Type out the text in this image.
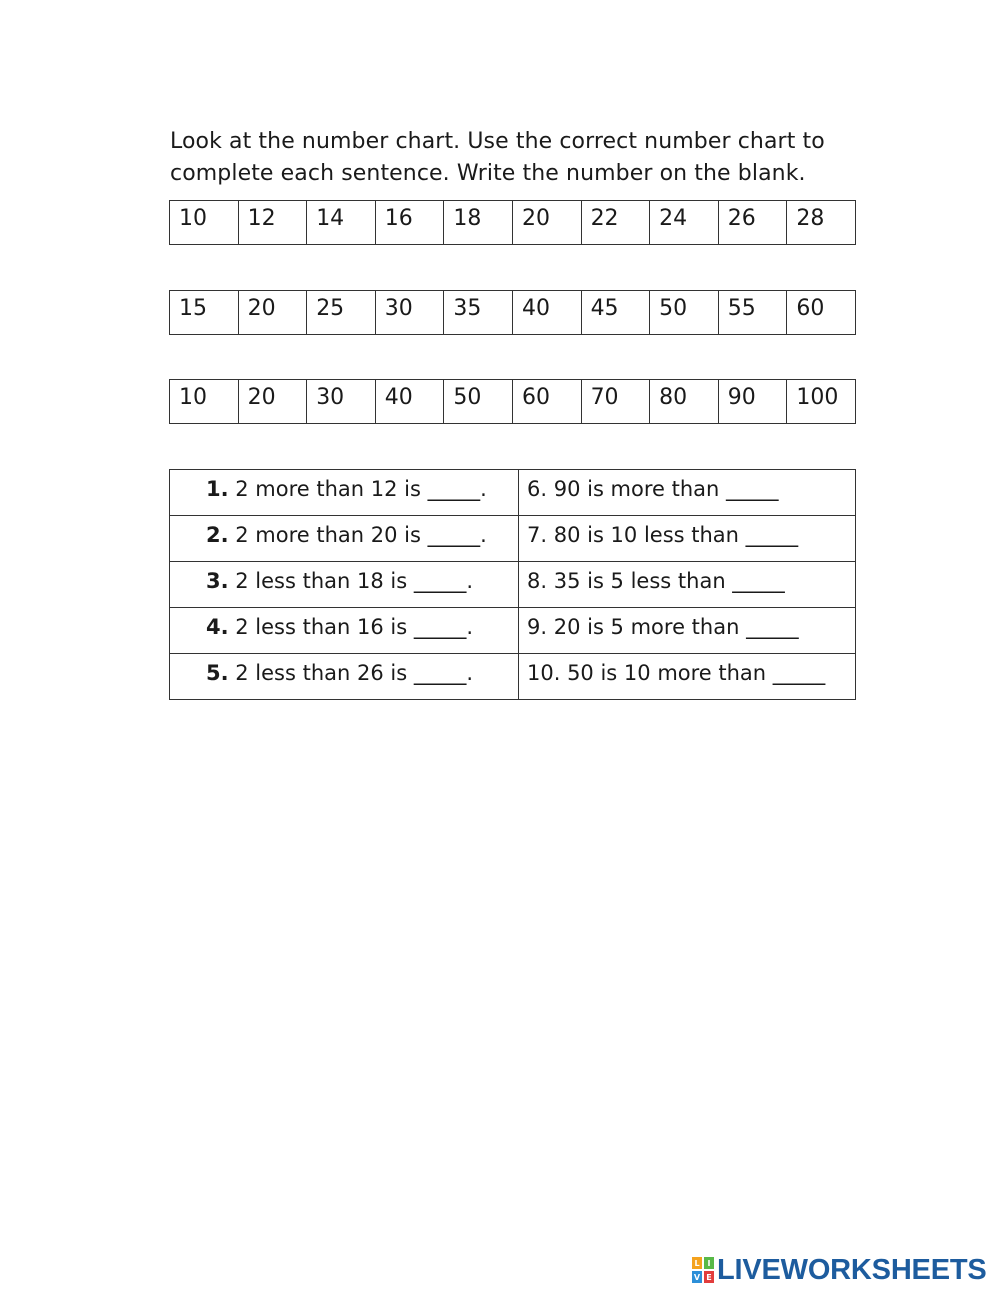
Look at the number chart. Use the correct number chart to
complete each sentence. Write the number on the blank.

10	12	14	16	18	20	22	24	26	28
15	20	25	30	35	40	45	50	55	60
10	20	30	40	50	60	70	80	90	100
1. 2 more than 12 is _____.	6. 90 is more than _____
2. 2 more than 20 is _____.	7. 80 is 10 less than _____
3. 2 less than 18 is _____.	8. 35 is 5 less than _____
4. 2 less than 16 is _____.	9. 20 is 5 more than _____
5. 2 less than 26 is _____.	10. 50 is 10 more than _____
L I
V E LIVEWORKSHEETS
